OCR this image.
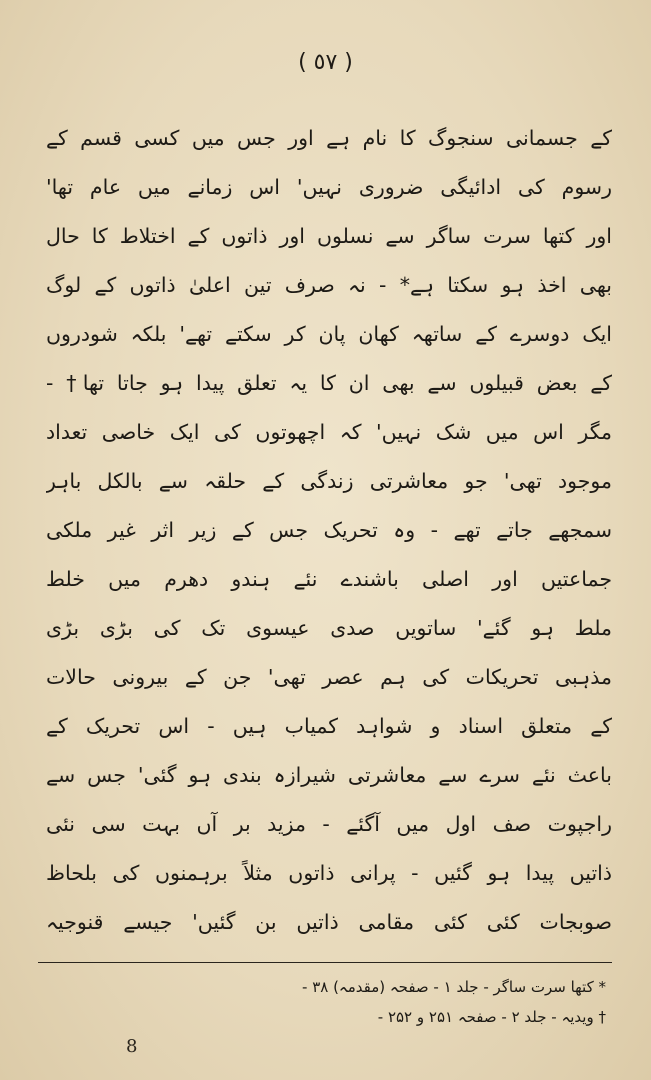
( ٥٧ )
کے جسمانی سنجوگ کا نام ہے اور جس میں کسی قسم کے
رسوم کی ادائیگی ضروری نہیں' اس زمانے میں عام تھا'
اور کتھا سرت ساگر سے نسلوں اور ذاتوں کے اختلاط کا حال
بھی اخذ ہو سکتا ہے* - نہ صرف تین اعلیٰ ذاتوں کے لوگ
ایک دوسرے کے ساتھہ کھان پان کر سکتے تھے' بلکہ شودروں
کے بعض قبیلوں سے بھی ان کا یہ تعلق پیدا ہو جاتا تھا† -
مگر اس میں شک نہیں' کہ اچھوتوں کی ایک خاصی تعداد
موجود تھی' جو معاشرتی زندگی کے حلقہ سے بالکل باہر
سمجھے جاتے تھے - وہ تحریک جس کے زیر اثر غیر ملکی
جماعتیں اور اصلی باشندے نئے ہندو دھرم میں خلط
ملط ہو گئے' ساتویں صدی عیسوی تک کی بڑی بڑی
مذہبی تحریکات کی ہم عصر تھی' جن کے بیرونی حالات
کے متعلق اسناد و شواہد کمیاب ہیں - اس تحریک کے
باعث نئے سرے سے معاشرتی شیرازہ بندی ہو گئی' جس سے
راجپوت صف اول میں آگئے - مزید بر آں بہت سی نئی
ذاتیں پیدا ہو گئیں - پرانی ذاتوں مثلاً برہمنوں کی بلحاظ
صوبجات کئی کئی مقامی ذاتیں بن گئیں' جیسے قنوجیہ
* کتھا سرت ساگر - جلد ۱ - صفحہ (مقدمہ) ۳۸ -
† ویدیہ - جلد ۲ - صفحہ ۲۵۱ و ۲۵۲ -
8
